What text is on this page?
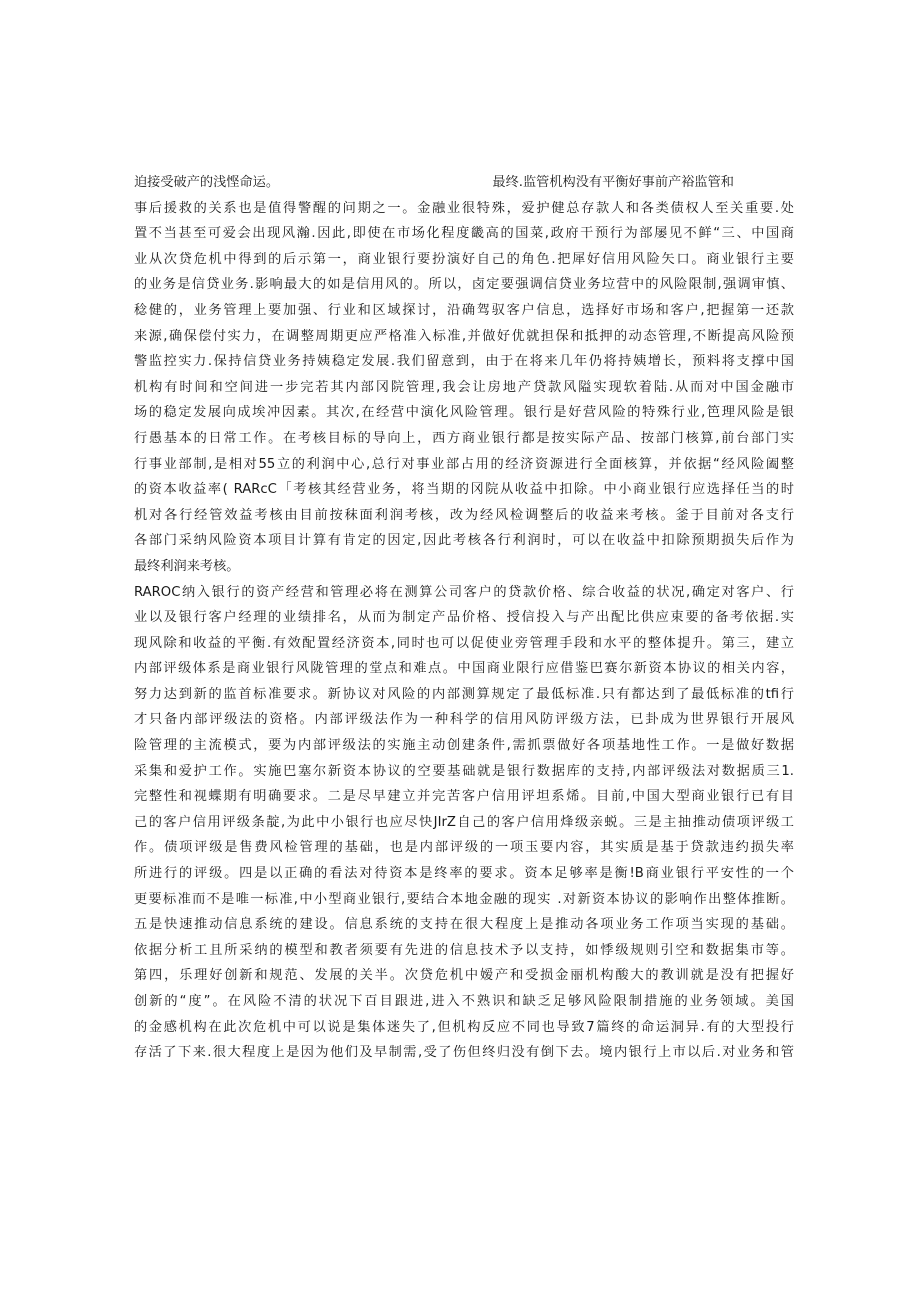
迫接受破产的浅悭命运。	最终.监管机构没有平衡好事前产裕监管和
事后援救的关系也是值得警醒的问期之一。金融业很特殊，爱护健总存款人和各类债权人至关重要.处
置不当甚至可爱会出现风瀚.因此,即使在市场化程度畿高的国菜,政府干预行为部屡见不鲜“三、中国商
业从次贷危机中得到的后示第一，商业银行要扮演好自己的角色.把犀好信用风险矢口。商业银行主要
的业务是信贷业务.影响最大的如是信用风的。所以，卤定要强调信贷业务垃营中的风险限制,强调审慎、
稔健的，业务管理上要加强、行业和区域探讨，沿确驾驭客户信息，选择好市场和客户,把握第一还款
来源,确保偿付实力，在调整周期更应严格准入标准,并做好优就担保和抵押的动态管理,不断提高风险预
警监控实力.保持信贷业务持姨稳定发展.我们留意到，由于在将来几年仍将持姨增长，预料将支撑中国
机构有时间和空间进一步完若其内部冈院管理,我会让房地产贷款风隘实现软着陆.从而对中国金融市
场的稳定发展向成埃冲因素。其次,在经营中演化风险管理。银行是好营风险的特殊行业,笆理风险是银
行愚基本的日常工作。在考核目标的导向上，西方商业银行都是按实际产品、按部门核算,前台部门实
行事业部制,是相对55立的利润中心,总行对事业部占用的经济资源进行全面核算，并依据“经风险阖整
的资本收益率( RARcC「考核其经营业务，将当期的冈院从收益中扣除。中小商业银行应选择任当的时
机对各行经管效益考核由目前按秣面利润考核，改为经风检调整后的收益来考核。釜于目前对各支行
各部门采纳风险资本项目计算有肯定的因定,因此考核各行利润时，可以在收益中扣除预期损失后作为
最终利润来考核。
RAROC纳入银行的资产经营和管理必将在测算公司客户的贷款价格、综合收益的状况,确定对客户、行
业以及银行客户经理的业绩排名，从而为制定产品价格、授信投入与产出配比供应束要的备考依据.实
现风除和收益的平衡.有效配置经济资本,同时也可以促使业旁管理手段和水平的整体提升。第三，建立
内部评级体系是商业银行风陇管理的堂点和难点。中国商业限行应借鉴巴赛尔新资本协议的相关内容，
努力达到新的监首标准要求。新协议对风险的内部测算规定了最低标准.只有都达到了最低标准的tfi行
才只备内部评级法的资格。内部评级法作为一种科学的信用风防评级方法，已卦成为世界银行开展风
险管理的主流模式，要为内部评级法的实施主动创建条件,需抓票做好各项基地性工作。一是做好数据
采集和爱护工作。实施巴塞尔新资本协议的空要基础就是银行数据库的支持,内部评级法对数据质三1.
完整性和视蝶期有明确要求。二是尽早建立并完苦客户信用评坦系烯。目前,中国大型商业银行已有目
己的客户信用评级条靛,为此中小银行也应尽快JIrZ自己的客户信用烽级亲蜕。三是主抽推动债项评级工
作。债项评级是售费风检管理的基础，也是内部评级的一项玉要内容，其实质是基于贷款违约损失率
所进行的评级。四是以正确的看法对待资本是终率的要求。资本足够率是衡!B商业银行平安性的一个
更要标准而不是唯一标准,中小型商业银行,要结合本地金融的现实 .对新资本协议的影响作出整体推断。
五是快速推动信息系统的建设。信息系统的支持在很大程度上是推动各项业务工作项当实现的基础。
依据分析工且所采纳的模型和教者须要有先进的信息技术予以支持，如悸级规则引空和数据集市等。
第四，乐理好创新和规范、发展的关半。次贷危机中嫒产和受损金丽机构酸大的教训就是没有把握好
创新的“度”。在风险不清的状况下百目跟进,进入不熟识和缺乏足够风险限制措施的业务领域。美国
的金感机构在此次危机中可以说是集体迷失了,但机构反应不同也导致7篇终的命运洞异.有的大型投行
存活了下来.很大程度上是因为他们及早制需,受了伤但终归没有倒下去。境内银行上市以后.对业务和管
